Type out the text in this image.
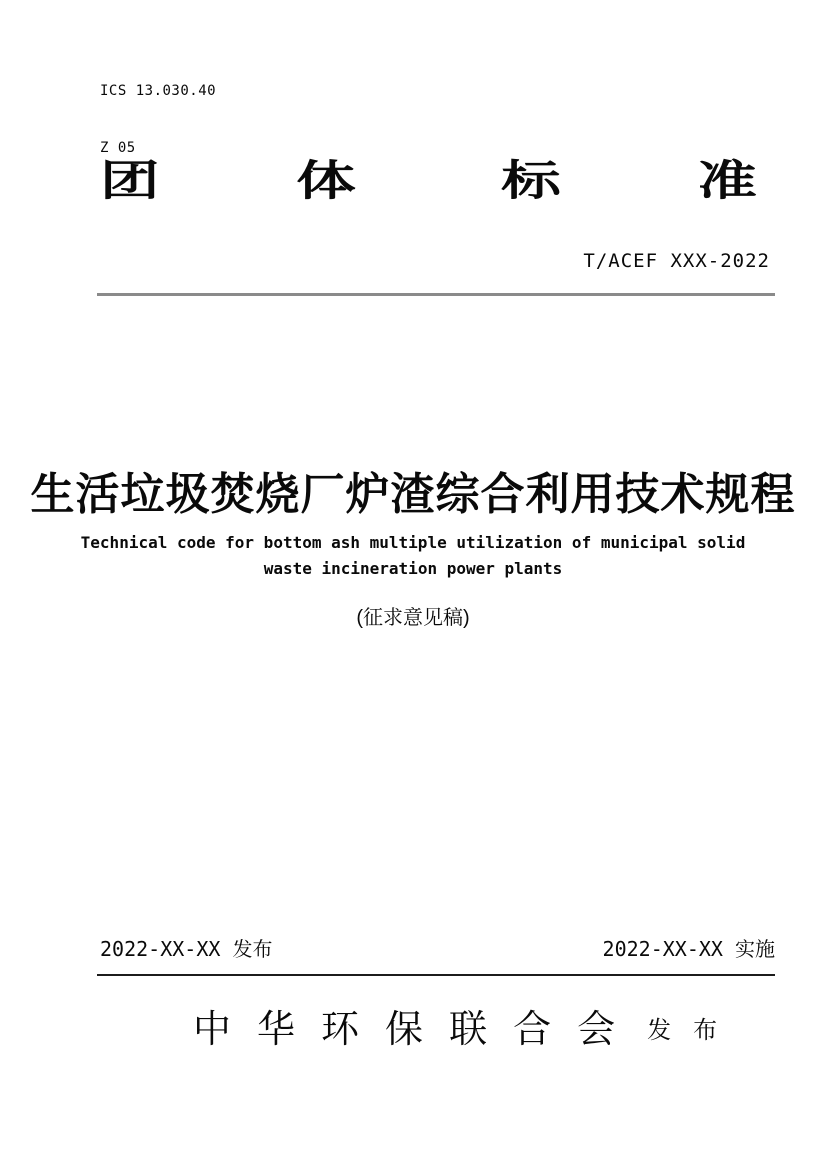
ICS 13.030.40

Z 05

团	体	标	准
T/ACEF XXX-2022
生活垃圾焚烧厂炉渣综合利用技术规程
Technical code for bottom ash multiple utilization of municipal solid
waste incineration power plants
(征求意见稿)
2022-XX-XX 发布	2022-XX-XX 实施
中 华 环 保 联 合 会 发 布
